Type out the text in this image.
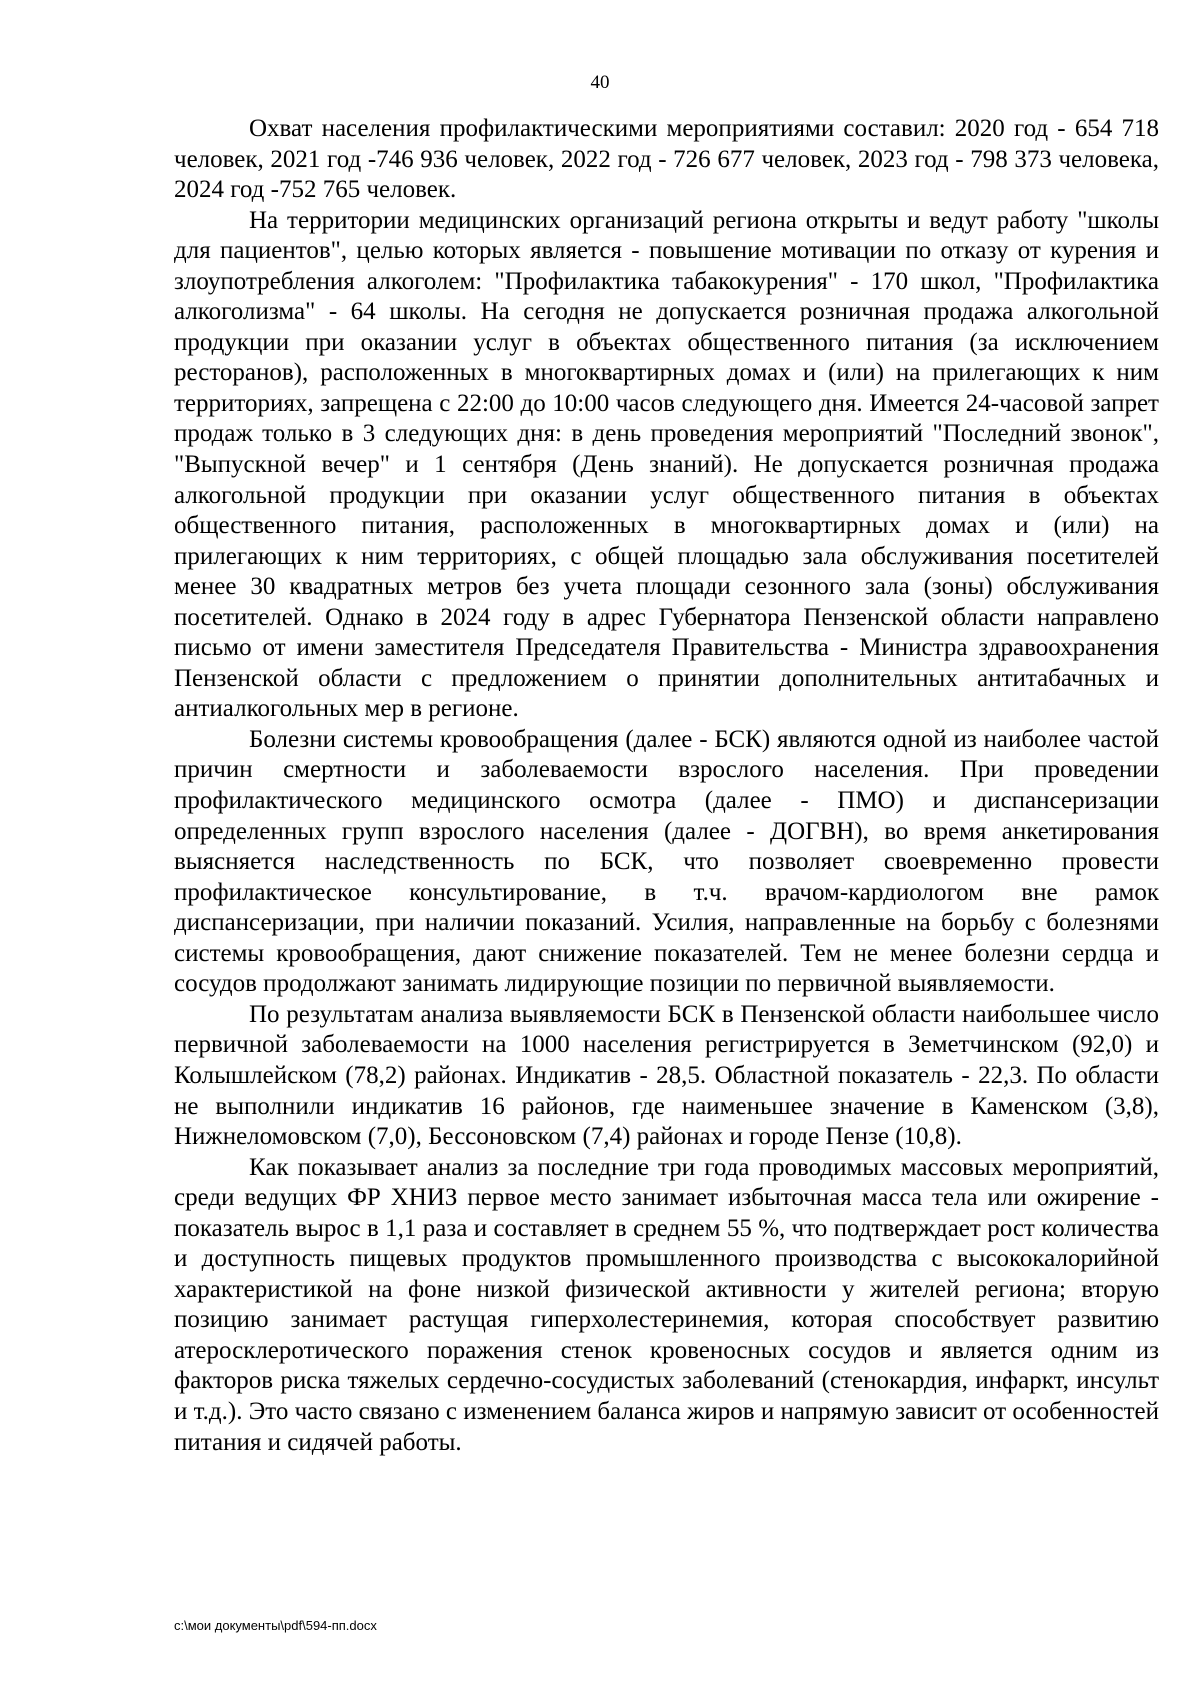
40

Охват населения профилактическими мероприятиями составил: 2020 год - 654 718 человек, 2021 год -746 936 человек, 2022 год - 726 677 человек, 2023 год - 798 373 человека, 2024 год -752 765 человек.

На территории медицинских организаций региона открыты и ведут работу "школы для пациентов", целью которых является - повышение мотивации по отказу от курения и злоупотребления алкоголем: "Профилактика табакокурения" - 170 школ, "Профилактика алкоголизма" - 64 школы. На сегодня не допускается розничная продажа алкогольной продукции при оказании услуг в объектах общественного питания (за исключением ресторанов), расположенных в многоквартирных домах и (или) на прилегающих к ним территориях, запрещена с 22:00 до 10:00 часов следующего дня. Имеется 24-часовой запрет продаж только в 3 следующих дня: в день проведения мероприятий "Последний звонок", "Выпускной вечер" и 1 сентября (День знаний). Не допускается розничная продажа алкогольной продукции при оказании услуг общественного питания в объектах общественного питания, расположенных в многоквартирных домах и (или) на прилегающих к ним территориях, с общей площадью зала обслуживания посетителей менее 30 квадратных метров без учета площади сезонного зала (зоны) обслуживания посетителей. Однако в 2024 году в адрес Губернатора Пензенской области направлено письмо от имени заместителя Председателя Правительства - Министра здравоохранения Пензенской области с предложением о принятии дополнительных антитабачных и антиалкогольных мер в регионе.

Болезни системы кровообращения (далее - БСК) являются одной из наиболее частой причин смертности и заболеваемости взрослого населения. При проведении профилактического медицинского осмотра (далее - ПМО) и диспансеризации определенных групп взрослого населения (далее - ДОГВН), во время анкетирования выясняется наследственность по БСК, что позволяет своевременно провести профилактическое консультирование, в т.ч. врачом-кардиологом вне рамок диспансеризации, при наличии показаний. Усилия, направленные на борьбу с болезнями системы кровообращения, дают снижение показателей. Тем не менее болезни сердца и сосудов продолжают занимать лидирующие позиции по первичной выявляемости.

По результатам анализа выявляемости БСК в Пензенской области наибольшее число первичной заболеваемости на 1000 населения регистрируется в Земетчинском (92,0) и Колышлейском (78,2) районах. Индикатив - 28,5. Областной показатель - 22,3. По области не выполнили индикатив 16 районов, где наименьшее значение в Каменском (3,8), Нижнеломовском (7,0), Бессоновском (7,4) районах и городе Пензе (10,8).

Как показывает анализ за последние три года проводимых массовых мероприятий, среди ведущих ФР ХНИЗ первое место занимает избыточная масса тела или ожирение - показатель вырос в 1,1 раза и составляет в среднем 55 %, что подтверждает рост количества и доступность пищевых продуктов промышленного производства с высококалорийной характеристикой на фоне низкой физической активности у жителей региона; вторую позицию занимает растущая гиперхолестеринемия, которая способствует развитию атеросклеротического поражения стенок кровеносных сосудов и является одним из факторов риска тяжелых сердечно-сосудистых заболеваний (стенокардия, инфаркт, инсульт и т.д.). Это часто связано с изменением баланса жиров и напрямую зависит от особенностей питания и сидячей работы.

c:\мои документы\pdf\594-пп.docx
